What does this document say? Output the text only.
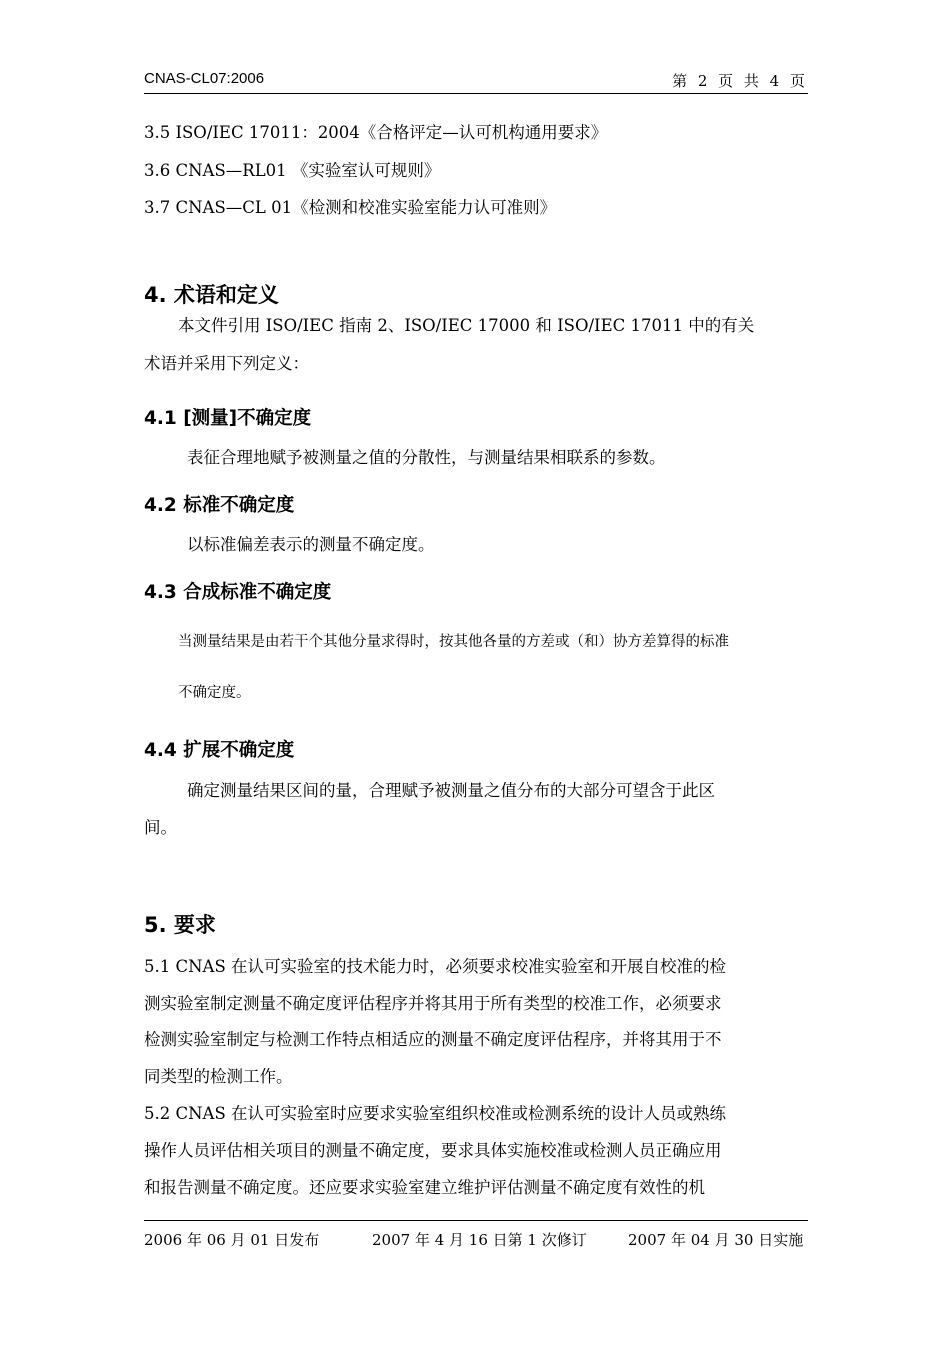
CNAS-CL07:2006	第 2 页 共 4 页
3.5 ISO/IEC 17011：2004《合格评定—认可机构通用要求》
3.6 CNAS—RL01 《实验室认可规则》
3.7 CNAS—CL 01《检测和校准实验室能力认可准则》
4. 术语和定义
本文件引用 ISO/IEC 指南 2、ISO/IEC 17000 和 ISO/IEC 17011 中的有关
术语并采用下列定义：
4.1 [测量]不确定度
表征合理地赋予被测量之值的分散性，与测量结果相联系的参数。
4.2 标准不确定度
以标准偏差表示的测量不确定度。
4.3 合成标准不确定度
当测量结果是由若干个其他分量求得时，按其他各量的方差或（和）协方差算得的标准
不确定度。
4.4 扩展不确定度
确定测量结果区间的量，合理赋予被测量之值分布的大部分可望含于此区
间。
5. 要求
5.1 CNAS 在认可实验室的技术能力时，必须要求校准实验室和开展自校准的检
测实验室制定测量不确定度评估程序并将其用于所有类型的校准工作，必须要求
检测实验室制定与检测工作特点相适应的测量不确定度评估程序，并将其用于不
同类型的检测工作。
5.2 CNAS 在认可实验室时应要求实验室组织校准或检测系统的设计人员或熟练
操作人员评估相关项目的测量不确定度，要求具体实施校准或检测人员正确应用
和报告测量不确定度。还应要求实验室建立维护评估测量不确定度有效性的机
2006 年 06 月 01 日发布	2007 年 4 月 16 日第 1 次修订	2007 年 04 月 30 日实施
